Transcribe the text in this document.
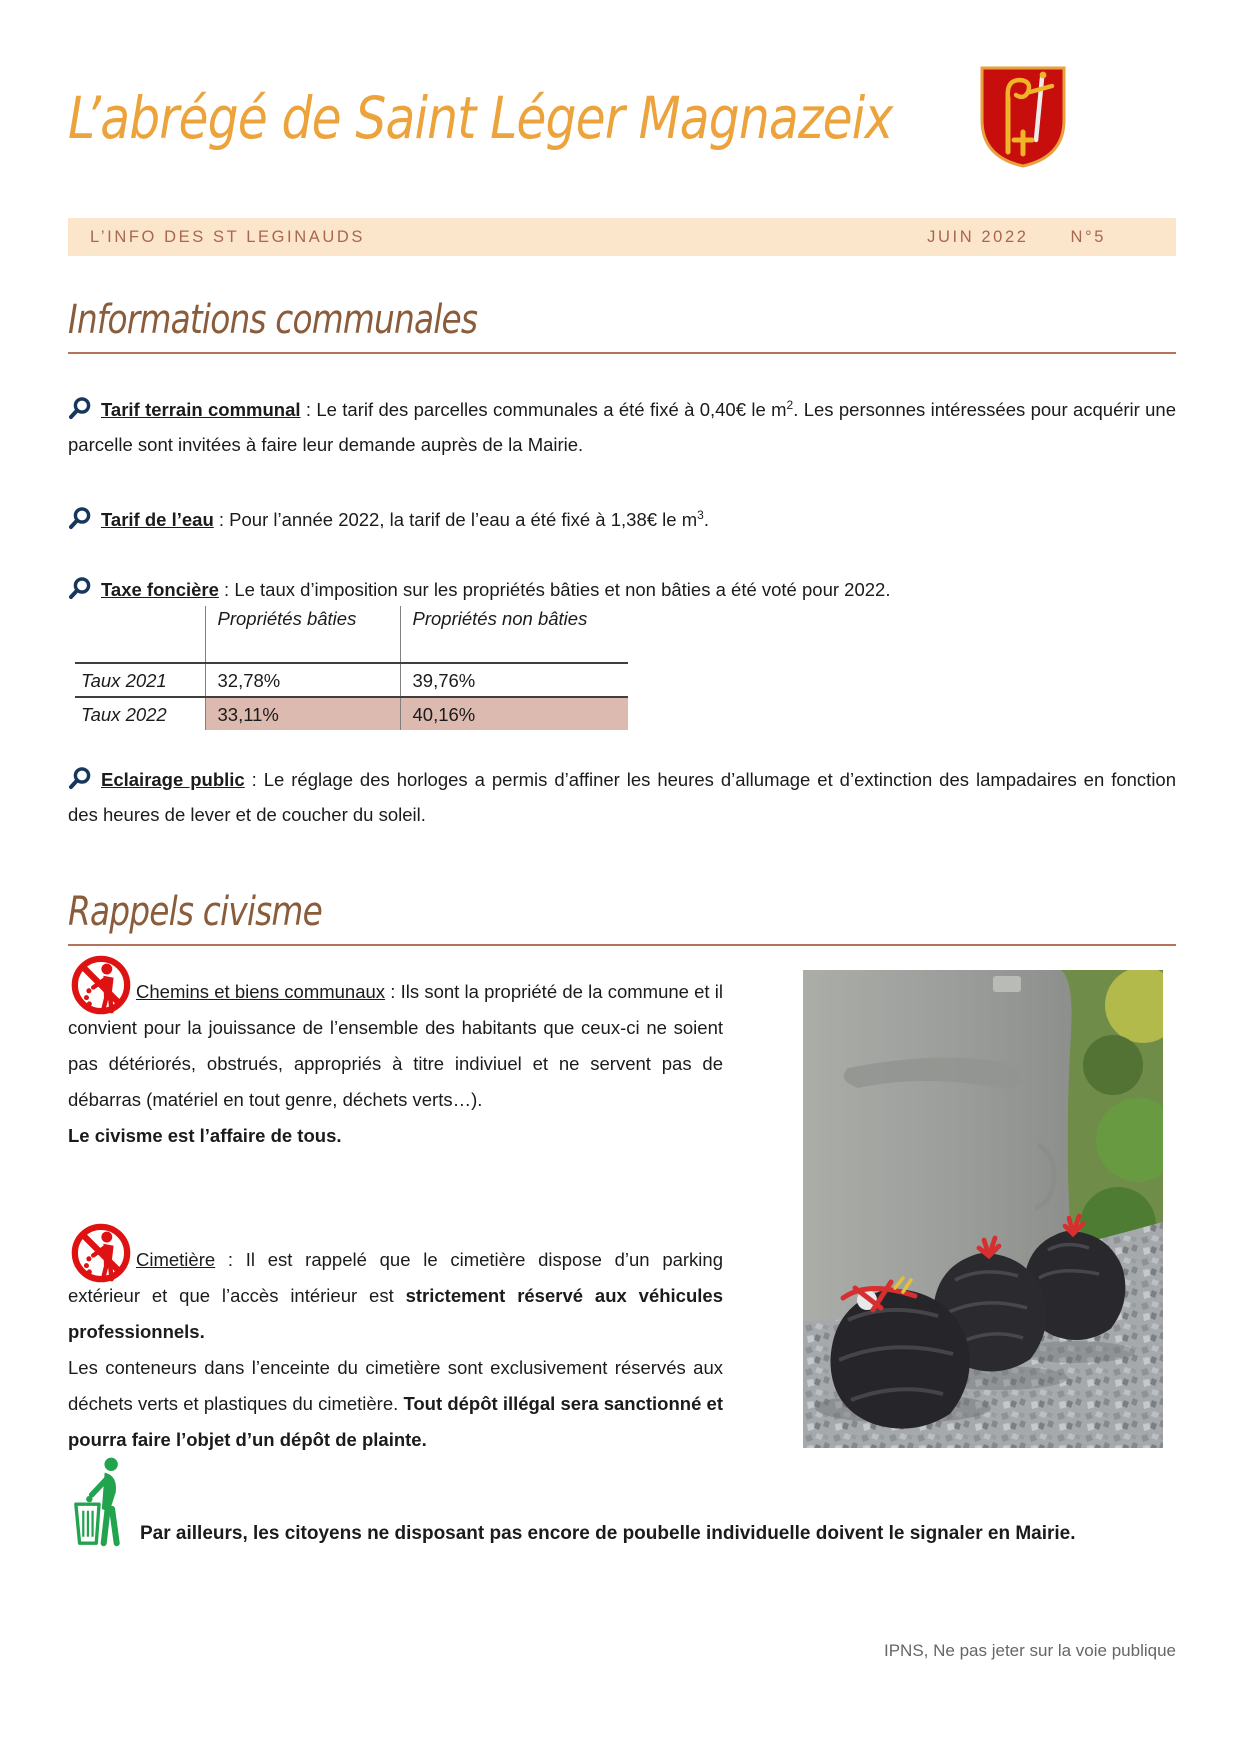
L’abrégé de Saint Léger Magnazeix
L’INFO DES ST LEGINAUDS	JUIN 2022	N°5
Informations communales

Tarif terrain communal : Le tarif des parcelles communales a été fixé à 0,40€ le $m^2$. Les personnes intéressées pour acquérir une parcelle sont invitées à faire leur demande auprès de la Mairie.

Tarif de l’eau : Pour l’année 2022, la tarif de l’eau a été fixé à 1,38€ le $m^3$.

Taxe foncière : Le taux d’imposition sur les propriétés bâties et non bâties a été voté pour 2022.

	Propriétés bâties	Propriétés non bâties
Taux 2021	32,78%	39,76%
Taux 2022	33,11%	40,16%

Eclairage public : Le réglage des horloges a permis d’affiner les heures d’allumage et d’extinction des lampadaires en fonction des heures de lever et de coucher du soleil.

Rappels civisme

Chemins et biens communaux : Ils sont la propriété de la commune et il convient pour la jouissance de l’ensemble des habitants que ceux-ci ne soient pas détériorés, obstrués, appropriés à titre indiviuel et ne servent pas de débarras (matériel en tout genre, déchets verts…).

Le civisme est l’affaire de tous.

Cimetière : Il est rappelé que le cimetière dispose d’un parking extérieur et que l’accès intérieur est strictement réservé aux véhicules professionnels.

Les conteneurs dans l’enceinte du cimetière sont exclusivement réservés aux déchets verts et plastiques du cimetière. Tout dépôt illégal sera sanctionné et pourra faire l’objet d’un dépôt de plainte.

Par ailleurs, les citoyens ne disposant pas encore de poubelle individuelle doivent le signaler en Mairie.
IPNS, Ne pas jeter sur la voie publique
